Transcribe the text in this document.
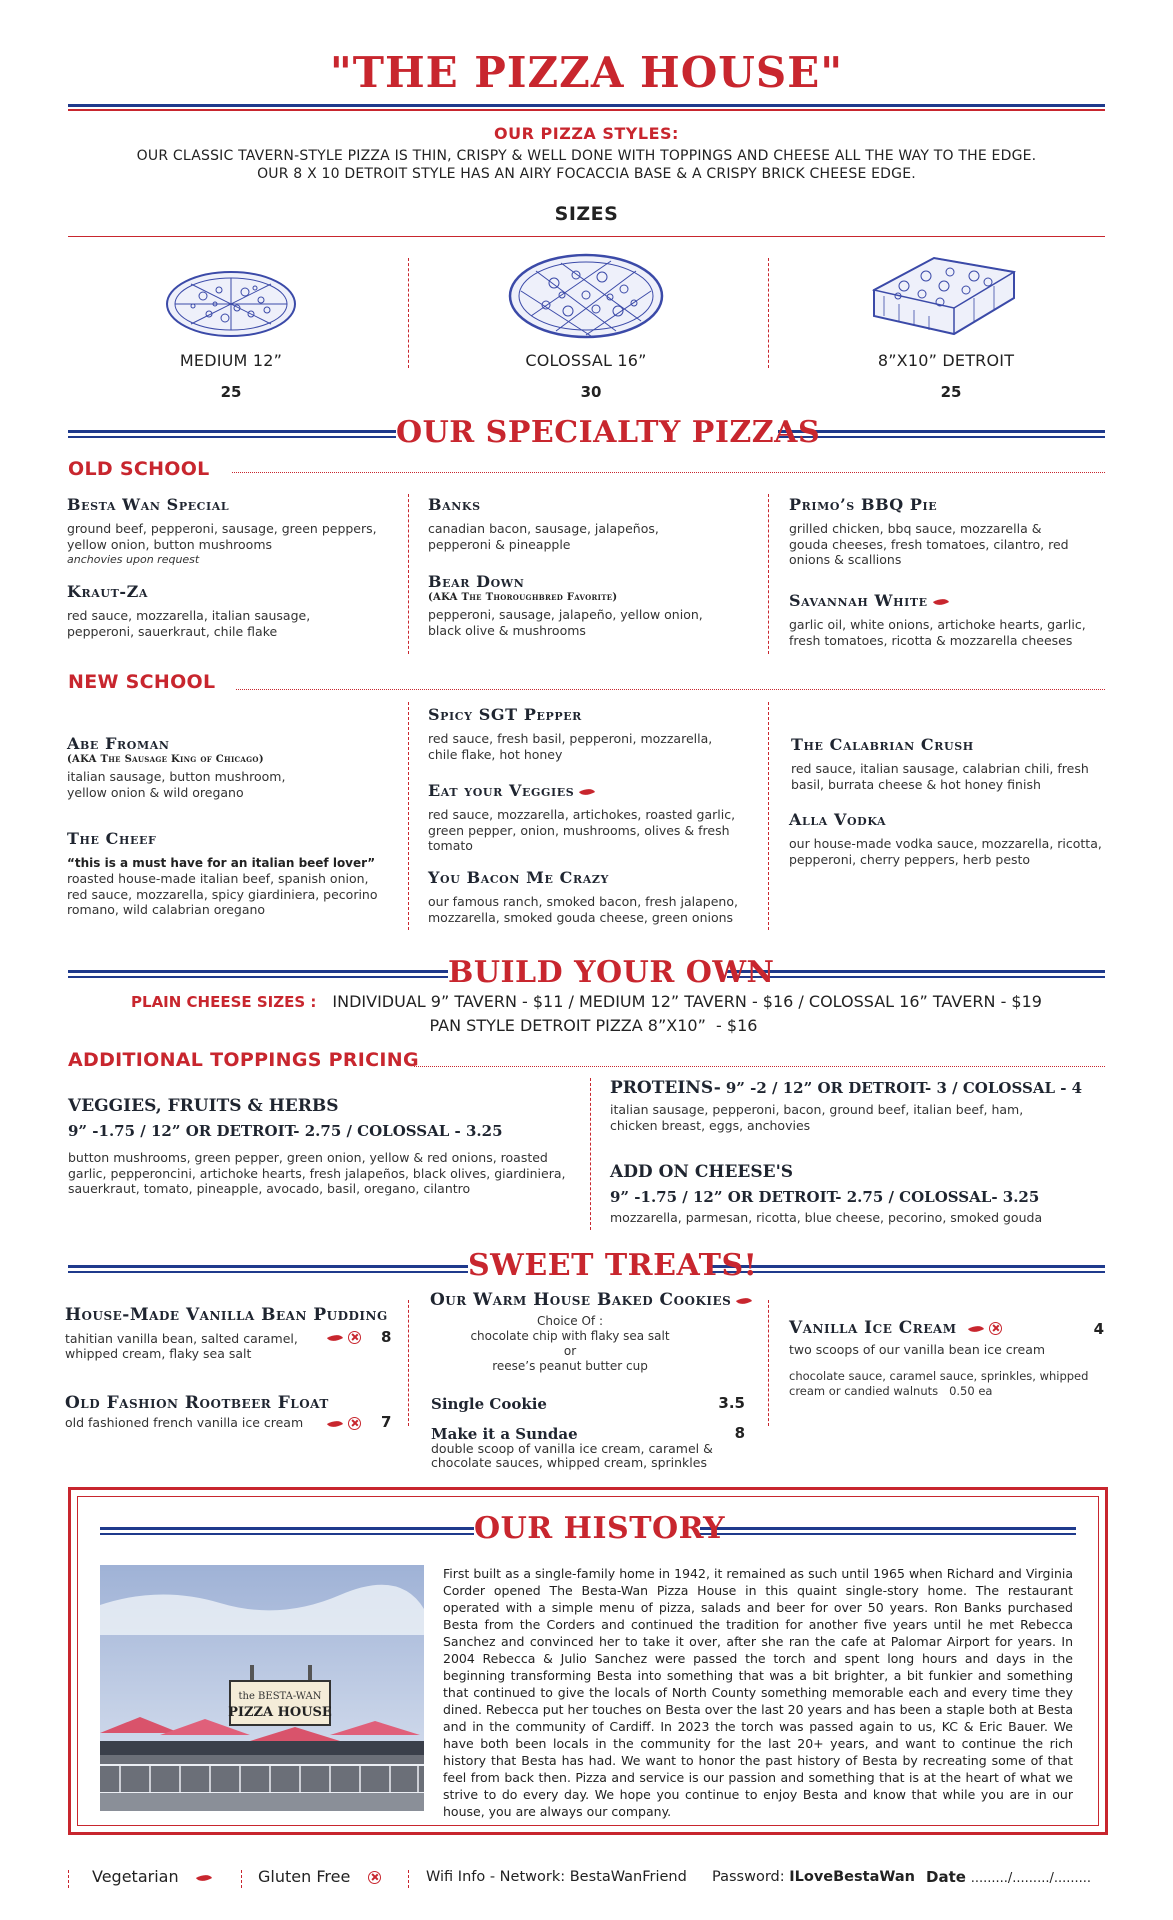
"THE PIZZA HOUSE"
OUR PIZZA STYLES:
OUR CLASSIC TAVERN-STYLE PIZZA IS THIN, CRISPY & WELL DONE WITH TOPPINGS AND CHEESE ALL THE WAY TO THE EDGE.
OUR 8 X 10 DETROIT STYLE HAS AN AIRY FOCACCIA BASE & A CRISPY BRICK CHEESE EDGE.
SIZES
MEDIUM 12”	COLOSSAL 16”	8”X10” DETROIT
25	30	25
OUR SPECIALTY PIZZAS
OLD SCHOOL
Besta Wan Special
ground beef, pepperoni, sausage, green peppers, yellow onion, button mushrooms
anchovies upon request
Kraut-Za
red sauce, mozzarella, italian sausage, pepperoni, sauerkraut, chile flake
Banks
canadian bacon, sausage, jalapeños, pepperoni & pineapple
Bear Down
(AKA The Thoroughbred Favorite)
pepperoni, sausage, jalapeño, yellow onion, black olive & mushrooms
Primo’s BBQ Pie
grilled chicken, bbq sauce, mozzarella & gouda cheeses, fresh tomatoes, cilantro, red onions & scallions
Savannah White
garlic oil, white onions, artichoke hearts, garlic, fresh tomatoes, ricotta & mozzarella cheeses
NEW SCHOOL
Abe Froman
(AKA The Sausage King of Chicago)
italian sausage, button mushroom, yellow onion & wild oregano
The Cheef
“this is a must have for an italian beef lover”
roasted house-made italian beef, spanish onion, red sauce, mozzarella, spicy giardiniera, pecorino romano, wild calabrian oregano
Spicy SGT Pepper
red sauce, fresh basil, pepperoni, mozzarella, chile flake, hot honey
Eat your Veggies
red sauce, mozzarella, artichokes, roasted garlic, green pepper, onion, mushrooms, olives & fresh tomato
You Bacon Me Crazy
our famous ranch, smoked bacon, fresh jalapeno, mozzarella, smoked gouda cheese, green onions
The Calabrian Crush
red sauce, italian sausage, calabrian chili, fresh basil, burrata cheese & hot honey finish
Alla Vodka
our house-made vodka sauce, mozzarella, ricotta, pepperoni, cherry peppers, herb pesto
BUILD YOUR OWN
PLAIN CHEESE SIZES : INDIVIDUAL 9” TAVERN - $11 / MEDIUM 12” TAVERN - $16 / COLOSSAL 16” TAVERN - $19
PAN STYLE DETROIT PIZZA 8”X10”  - $16
ADDITIONAL TOPPINGS PRICING
VEGGIES, FRUITS & HERBS
9” -1.75 / 12” OR DETROIT- 2.75 / COLOSSAL - 3.25
button mushrooms, green pepper, green onion, yellow & red onions, roasted garlic, pepperoncini, artichoke hearts, fresh jalapeños, black olives, giardiniera, sauerkraut, tomato, pineapple, avocado, basil, oregano, cilantro
PROTEINS- 9” -2 / 12” OR DETROIT- 3 / COLOSSAL - 4
italian sausage, pepperoni, bacon, ground beef, italian beef, ham, chicken breast, eggs, anchovies
ADD ON CHEESE'S
9” -1.75 / 12” OR DETROIT- 2.75 / COLOSSAL- 3.25
mozzarella, parmesan, ricotta, blue cheese, pecorino, smoked gouda
SWEET TREATS!
House-Made Vanilla Bean Pudding
tahitian vanilla bean, salted caramel, whipped cream, flaky sea salt
8
Old Fashion Rootbeer Float
old fashioned french vanilla ice cream	7
Our Warm House Baked Cookies
Choice Of :
chocolate chip with flaky sea salt
or
reese’s peanut butter cup
Single Cookie	3.5
Make it a Sundae	8
double scoop of vanilla ice cream, caramel & chocolate sauces, whipped cream, sprinkles
Vanilla Ice Cream	4
two scoops of our vanilla bean ice cream
chocolate sauce, caramel sauce, sprinkles, whipped cream or candied walnuts   0.50 ea
OUR HISTORY
the BESTA-WAN
PIZZA HOUSE
First built as a single-family home in 1942, it remained as such until 1965 when Richard and Virginia Corder opened The Besta-Wan Pizza House in this quaint single-story home. The restaurant operated with a simple menu of pizza, salads and beer for over 50 years. Ron Banks purchased Besta from the Corders and continued the tradition for another five years until he met Rebecca Sanchez and convinced her to take it over, after she ran the cafe at Palomar Airport for years. In 2004 Rebecca & Julio Sanchez were passed the torch and spent long hours and days in the beginning transforming Besta into something that was a bit brighter, a bit funkier and something that continued to give the locals of North County something memorable each and every time they dined. Rebecca put her touches on Besta over the last 20 years and has been a staple both at Besta and in the community of Cardiff. In 2023 the torch was passed again to us, KC & Eric Bauer. We have both been locals in the community for the last 20+ years, and want to continue the rich history that Besta has had. We want to honor the past history of Besta by recreating some of that feel from back then. Pizza and service is our passion and something that is at the heart of what we strive to do every day. We hope you continue to enjoy Besta and know that while you are in our house, you are always our company.
Vegetarian	Gluten Free	Wifi Info - Network: BestaWanFriend Password: ILoveBestaWan Date ........./........./.........
